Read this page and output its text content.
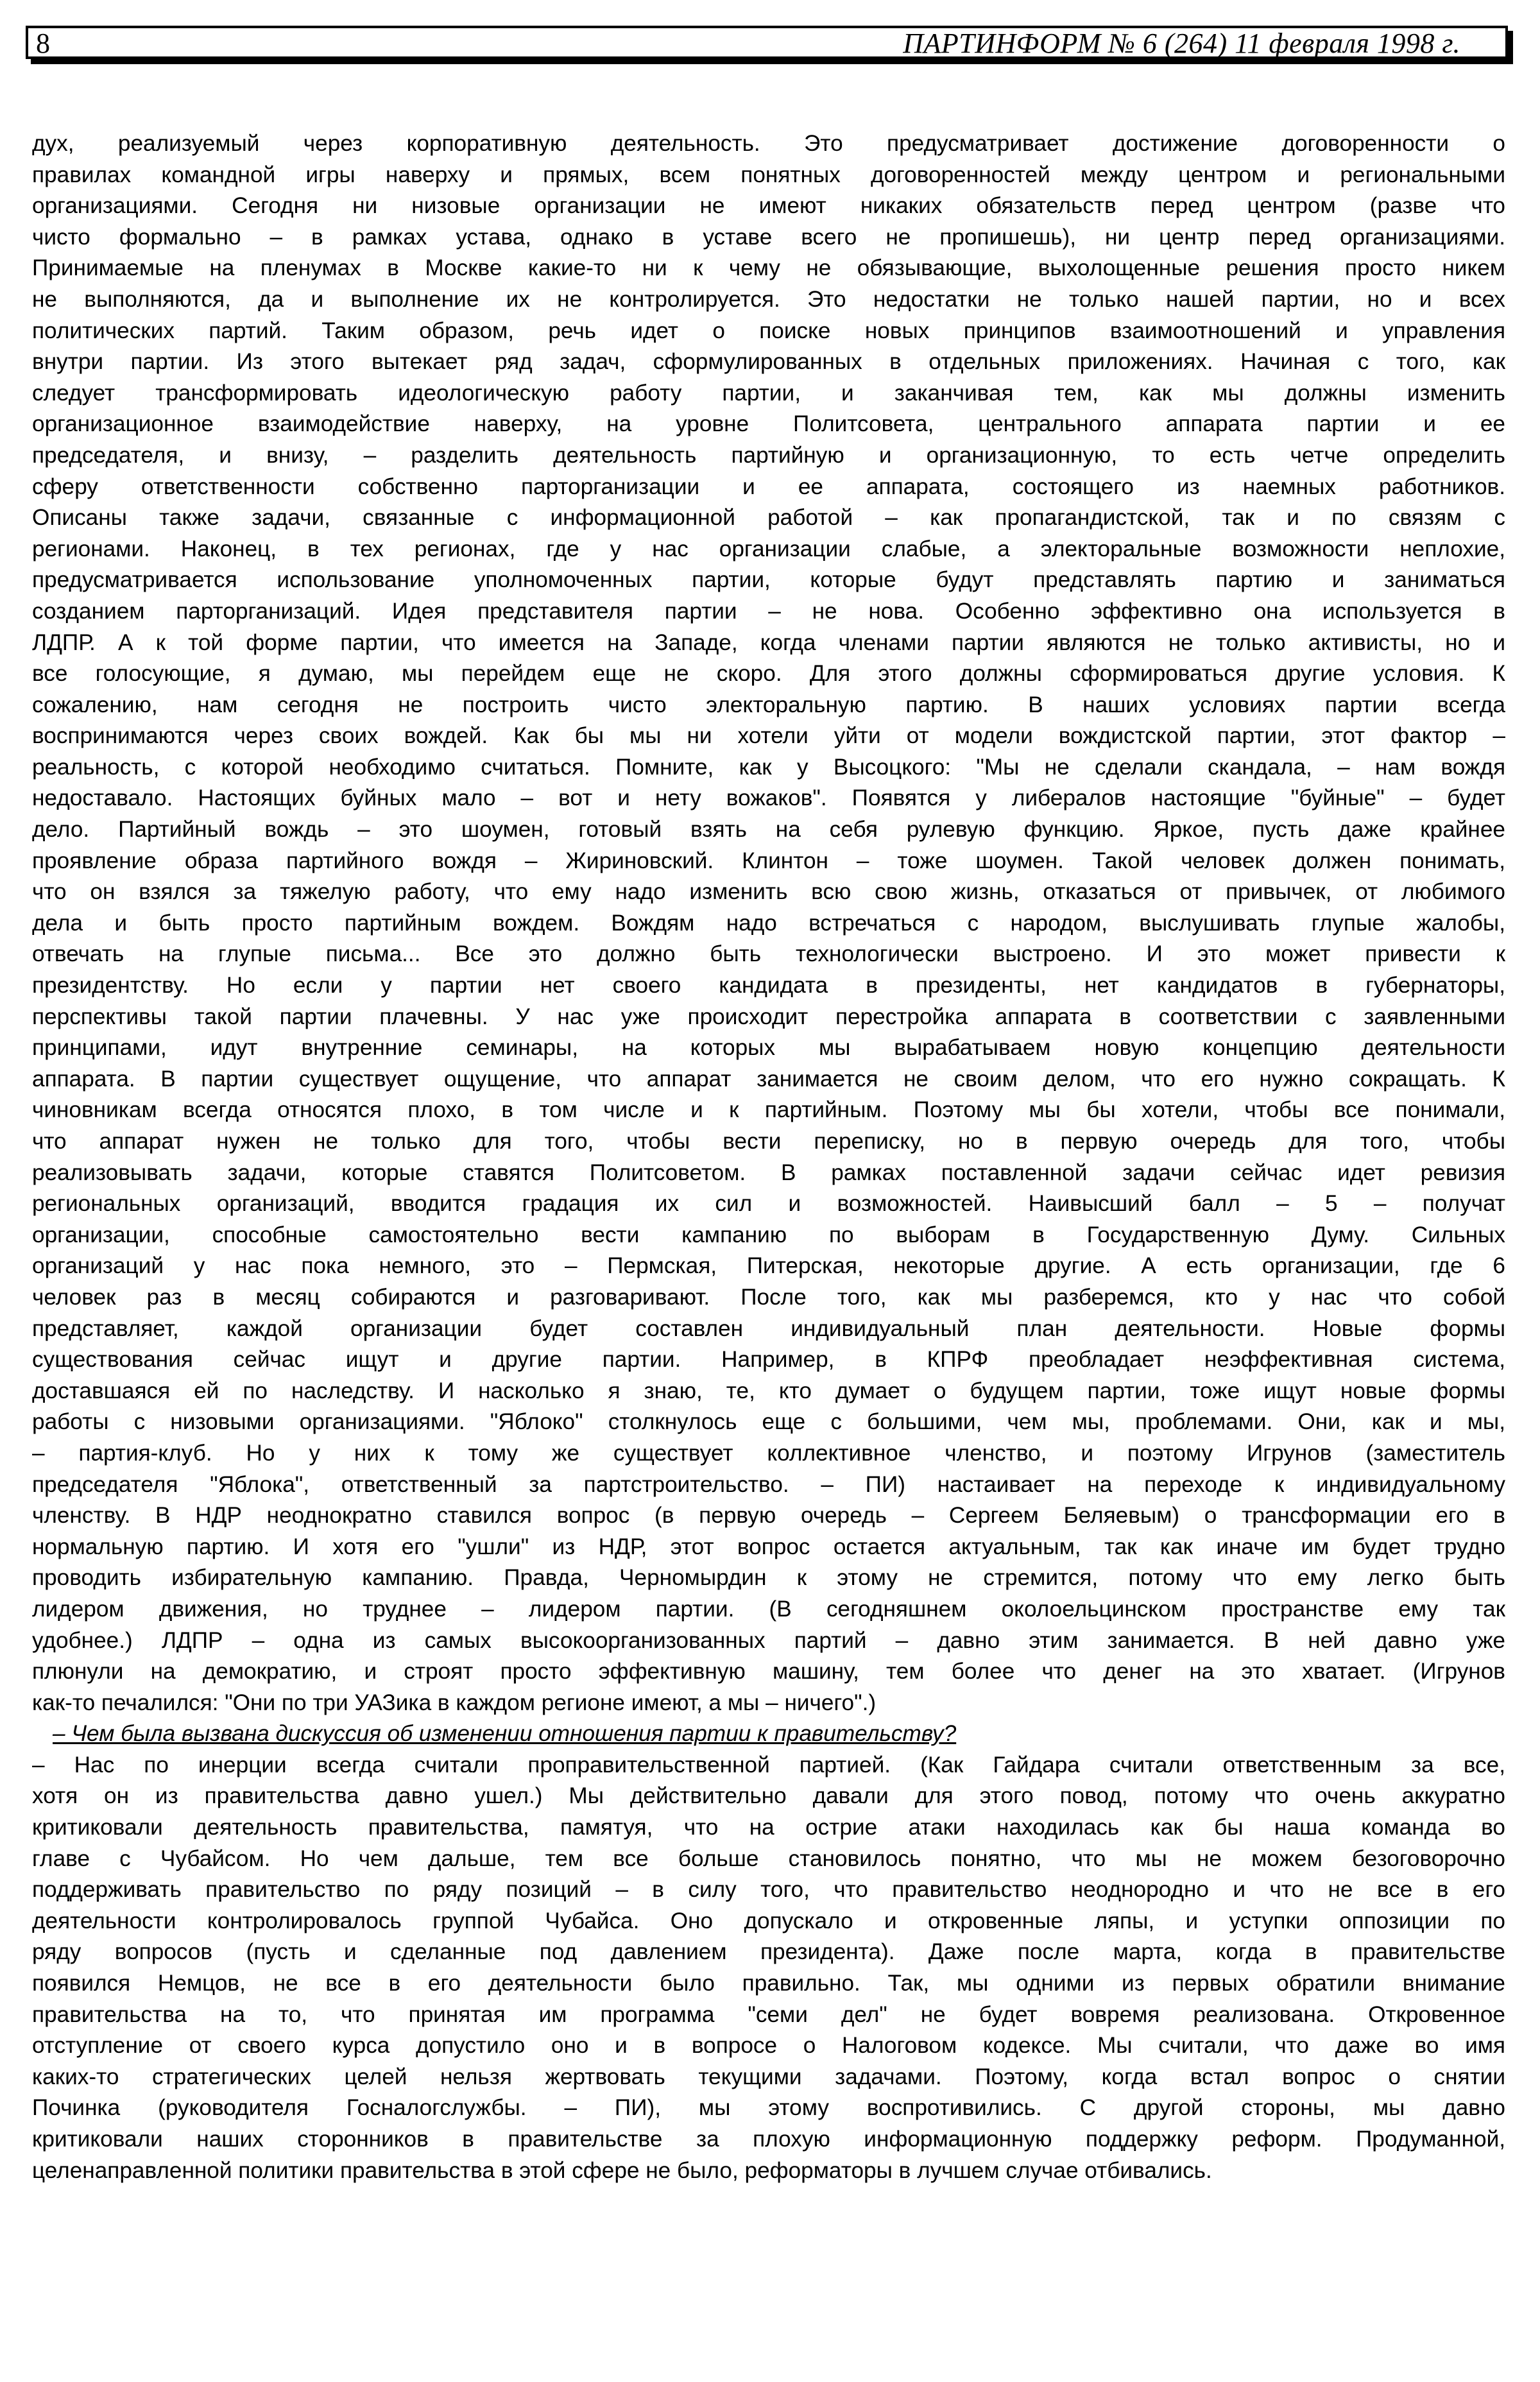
8	ПАРТИНФОРМ № 6 (264) 11 февраля 1998 г.
дух, реализуемый через корпоративную деятельность. Это предусматривает достижение договоренности о
правилах командной игры наверху и прямых, всем понятных договоренностей между центром и региональными
организациями. Сегодня ни низовые организации не имеют никаких обязательств перед центром (разве что
чисто формально – в рамках устава, однако в уставе всего не пропишешь), ни центр перед организациями.
Принимаемые на пленумах в Москве какие-то ни к чему не обязывающие, выхолощенные решения просто никем
не выполняются, да и выполнение их не контролируется. Это недостатки не только нашей партии, но и всех
политических партий. Таким образом, речь идет о поиске новых принципов взаимоотношений и управления
внутри партии. Из этого вытекает ряд задач, сформулированных в отдельных приложениях. Начиная с того, как
следует трансформировать идеологическую работу партии, и заканчивая тем, как мы должны изменить
организационное взаимодействие наверху, на уровне Политсовета, центрального аппарата партии и ее
председателя, и внизу, – разделить деятельность партийную и организационную, то есть четче определить
сферу ответственности собственно парторганизации и ее аппарата, состоящего из наемных работников.
Описаны также задачи, связанные с информационной работой – как пропагандистской, так и по связям с
регионами. Наконец, в тех регионах, где у нас организации слабые, а электоральные возможности неплохие,
предусматривается использование уполномоченных партии, которые будут представлять партию и заниматься
созданием парторганизаций. Идея представителя партии – не нова. Особенно эффективно она используется в
ЛДПР. А к той форме партии, что имеется на Западе, когда членами партии являются не только активисты, но и
все голосующие, я думаю, мы перейдем еще не скоро. Для этого должны сформироваться другие условия. К
сожалению, нам сегодня не построить чисто электоральную партию. В наших условиях партии всегда
воспринимаются через своих вождей. Как бы мы ни хотели уйти от модели вождистской партии, этот фактор –
реальность, с которой необходимо считаться. Помните, как у Высоцкого: "Мы не сделали скандала, – нам вождя
недоставало. Настоящих буйных мало – вот и нету вожаков". Появятся у либералов настоящие "буйные" – будет
дело. Партийный вождь – это шоумен, готовый взять на себя рулевую функцию. Яркое, пусть даже крайнее
проявление образа партийного вождя – Жириновский. Клинтон – тоже шоумен. Такой человек должен понимать,
что он взялся за тяжелую работу, что ему надо изменить всю свою жизнь, отказаться от привычек, от любимого
дела и быть просто партийным вождем. Вождям надо встречаться с народом, выслушивать глупые жалобы,
отвечать на глупые письма... Все это должно быть технологически выстроено. И это может привести к
президентству. Но если у партии нет своего кандидата в президенты, нет кандидатов в губернаторы,
перспективы такой партии плачевны. У нас уже происходит перестройка аппарата в соответствии с заявленными
принципами, идут внутренние семинары, на которых мы вырабатываем новую концепцию деятельности
аппарата. В партии существует ощущение, что аппарат занимается не своим делом, что его нужно сокращать. К
чиновникам всегда относятся плохо, в том числе и к партийным. Поэтому мы бы хотели, чтобы все понимали,
что аппарат нужен не только для того, чтобы вести переписку, но в первую очередь для того, чтобы
реализовывать задачи, которые ставятся Политсоветом. В рамках поставленной задачи сейчас идет ревизия
региональных организаций, вводится градация их сил и возможностей. Наивысший балл – 5 – получат
организации, способные самостоятельно вести кампанию по выборам в Государственную Думу. Сильных
организаций у нас пока немного, это – Пермская, Питерская, некоторые другие. А есть организации, где 6
человек раз в месяц собираются и разговаривают. После того, как мы разберемся, кто у нас что собой
представляет, каждой организации будет составлен индивидуальный план деятельности. Новые формы
существования сейчас ищут и другие партии. Например, в КПРФ преобладает неэффективная система,
доставшаяся ей по наследству. И насколько я знаю, те, кто думает о будущем партии, тоже ищут новые формы
работы с низовыми организациями. "Яблоко" столкнулось еще с большими, чем мы, проблемами. Они, как и мы,
– партия-клуб. Но у них к тому же существует коллективное членство, и поэтому Игрунов (заместитель
председателя "Яблока", ответственный за партстроительство. – ПИ) настаивает на переходе к индивидуальному
членству. В НДР неоднократно ставился вопрос (в первую очередь – Сергеем Беляевым) о трансформации его в
нормальную партию. И хотя его "ушли" из НДР, этот вопрос остается актуальным, так как иначе им будет трудно
проводить избирательную кампанию. Правда, Черномырдин к этому не стремится, потому что ему легко быть
лидером движения, но труднее – лидером партии. (В сегодняшнем околоельцинском пространстве ему так
удобнее.) ЛДПР – одна из самых высокоорганизованных партий – давно этим занимается. В ней давно уже
плюнули на демократию, и строят просто эффективную машину, тем более что денег на это хватает. (Игрунов
как-то печалился: "Они по три УАЗика в каждом регионе имеют, а мы – ничего".)
– Чем была вызвана дискуссия об изменении отношения партии к правительству?
– Нас по инерции всегда считали проправительственной партией. (Как Гайдара считали ответственным за все,
хотя он из правительства давно ушел.) Мы действительно давали для этого повод, потому что очень аккуратно
критиковали деятельность правительства, памятуя, что на острие атаки находилась как бы наша команда во
главе с Чубайсом. Но чем дальше, тем все больше становилось понятно, что мы не можем безоговорочно
поддерживать правительство по ряду позиций – в силу того, что правительство неоднородно и что не все в его
деятельности контролировалось группой Чубайса. Оно допускало и откровенные ляпы, и уступки оппозиции по
ряду вопросов (пусть и сделанные под давлением президента). Даже после марта, когда в правительстве
появился Немцов, не все в его деятельности было правильно. Так, мы одними из первых обратили внимание
правительства на то, что принятая им программа "семи дел" не будет вовремя реализована. Откровенное
отступление от своего курса допустило оно и в вопросе о Налоговом кодексе. Мы считали, что даже во имя
каких-то стратегических целей нельзя жертвовать текущими задачами. Поэтому, когда встал вопрос о снятии
Починка (руководителя Госналогслужбы. – ПИ), мы этому воспротивились. С другой стороны, мы давно
критиковали наших сторонников в правительстве за плохую информационную поддержку реформ. Продуманной,
целенаправленной политики правительства в этой сфере не было, реформаторы в лучшем случае отбивались.
